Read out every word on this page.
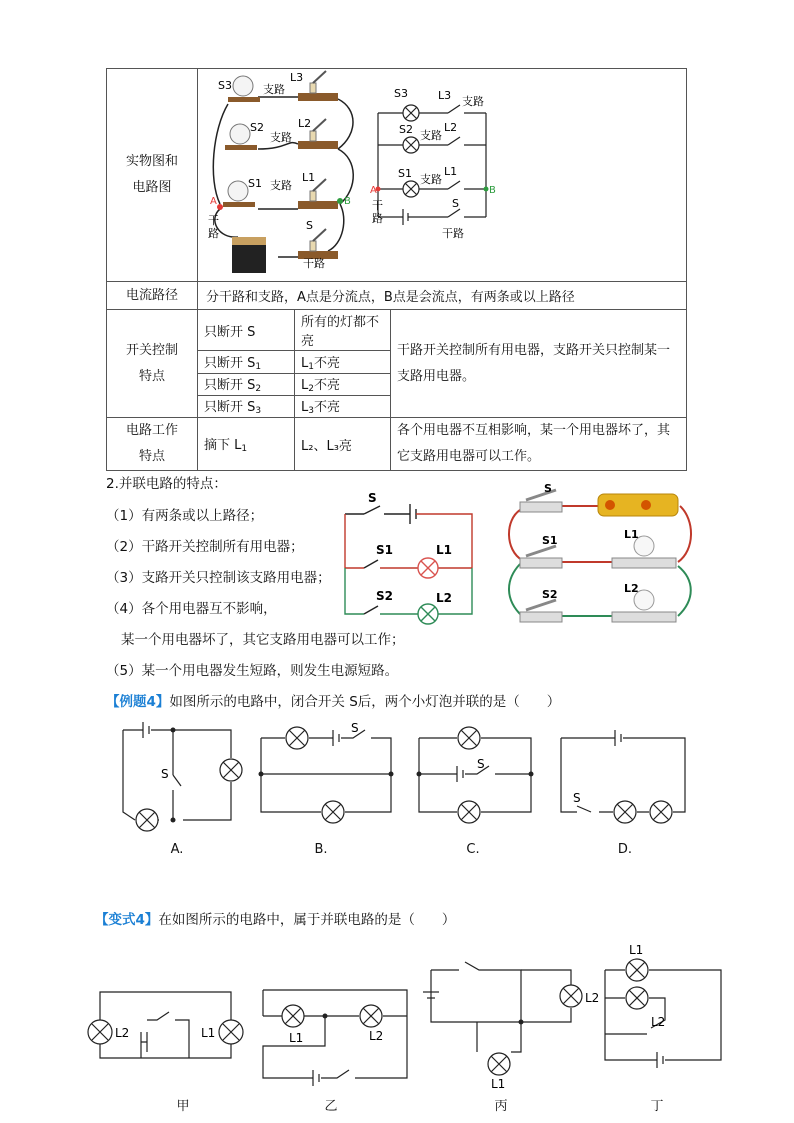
实物图和
电路图

A	B
干
路
干路
S3	支路
L3
S2
支路
L2
S1 支路
L1
S
A	B
S3	L3 支路
S2 支路
L2
S1 支路
L1
S
干路
干
路

电流路径	分干路和支路，A点是分流点，B点是会流点，有两条或以上路径

开关控制
特点

只断开 S	所有的灯都不亮
只断开 $S_1$	$L_1$不亮
只断开 $S_2$	$L_2$不亮
只断开 $S_3$	$L_3$不亮
	干路开关控制所有用电器，支路开关只控制某一支路用电器。

电路工作
特点
	摘下 $L_1$	L₂、L₃亮	各个用电器不互相影响，某一个用电器坏了，其它支路用电器可以工作。
2.并联电路的特点：
（1）有两条或以上路径；
（2）干路开关控制所有用电器；
（3）支路开关只控制该支路用电器；
（4）各个用电器互不影响，
某一个用电器坏了，其它支路用电器可以工作；
（5）某一个用电器发生短路，则发生电源短路。
S
S1	L1
S2	L2
S
S1	L1
S2	L2
【例题4】如图所示的电路中，闭合开关 S后，两个小灯泡并联的是（　　）
S
S
S
S
A.	B.	C.	D.
【变式4】在如图所示的电路中，属于并联电路的是（　　）
L2	L1	L1	L2
L2
L1
L1
L2
甲	乙	丙	丁
